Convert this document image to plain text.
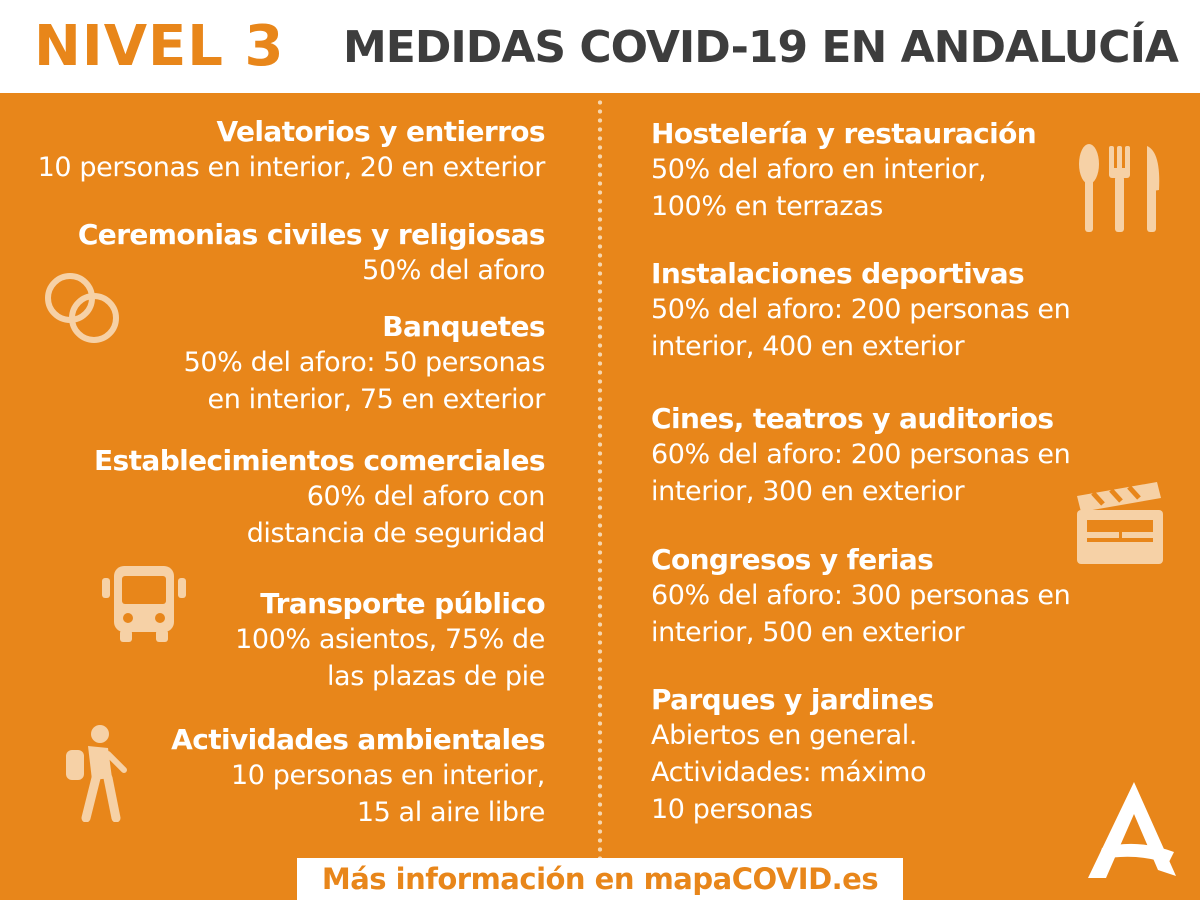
NIVEL 3 MEDIDAS COVID-19 EN ANDALUCÍA
Velatorios y entierros
10 personas en interior, 20 en exterior
Ceremonias civiles y religiosas
50% del aforo
Banquetes
50% del aforo: 50 personas
en interior, 75 en exterior
Establecimientos comerciales
60% del aforo con
distancia de seguridad
Transporte público
100% asientos, 75% de
las plazas de pie
Actividades ambientales
10 personas en interior,
15 al aire libre
Hostelería y restauración
50% del aforo en interior,
100% en terrazas
Instalaciones deportivas
50% del aforo: 200 personas en
interior, 400 en exterior
Cines, teatros y auditorios
60% del aforo: 200 personas en
interior, 300 en exterior
Congresos y ferias
60% del aforo: 300 personas en
interior, 500 en exterior
Parques y jardines
Abiertos en general.
Actividades: máximo
10 personas
Más información en mapaCOVID.es
